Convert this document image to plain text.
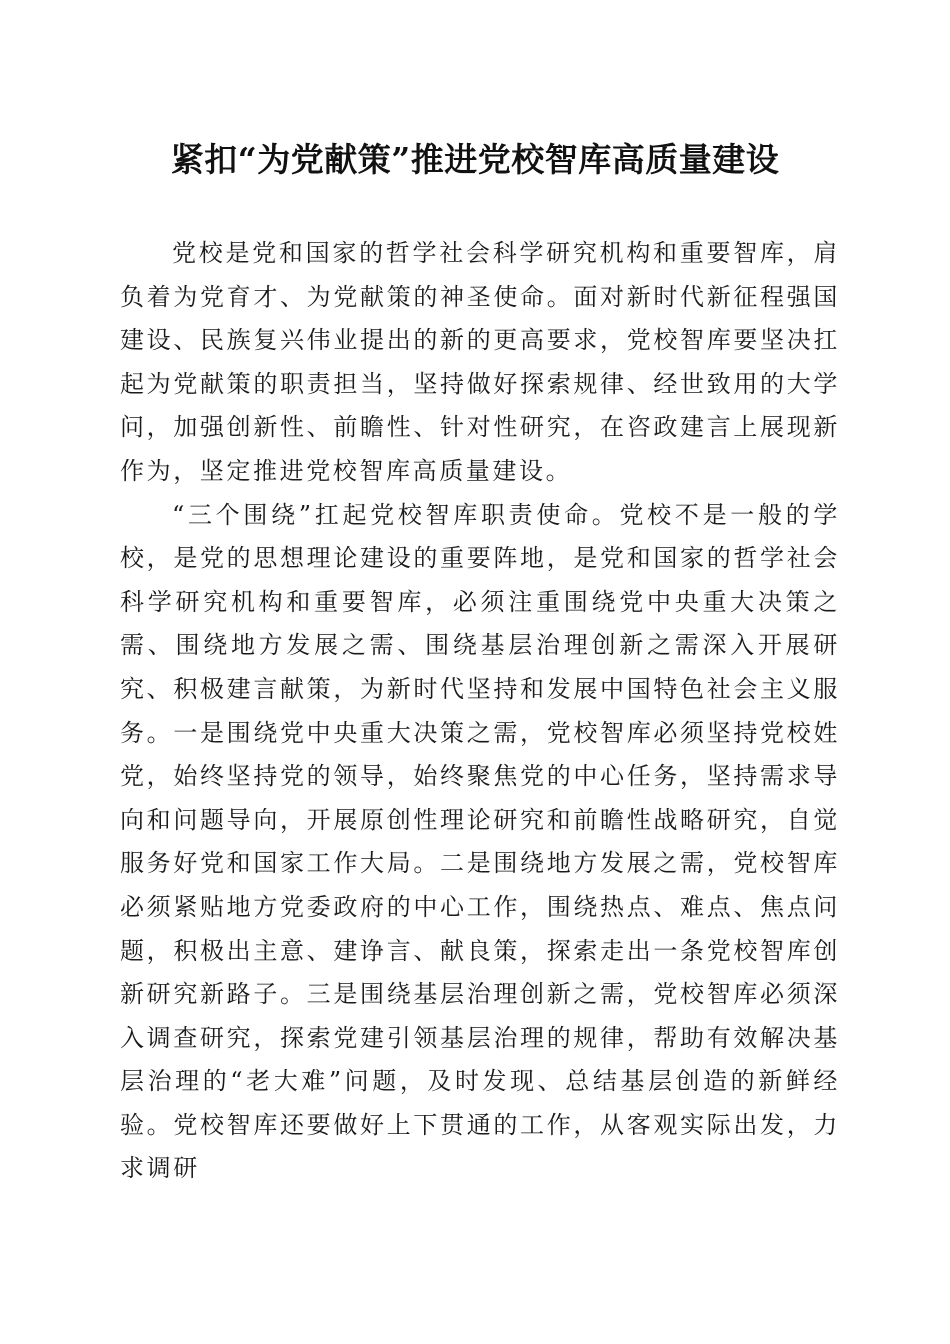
紧扣“为党献策”推进党校智库高质量建设

党校是党和国家的哲学社会科学研究机构和重要智库，肩负着为党育才、为党献策的神圣使命。面对新时代新征程强国建设、民族复兴伟业提出的新的更高要求，党校智库要坚决扛起为党献策的职责担当，坚持做好探索规律、经世致用的大学问，加强创新性、前瞻性、针对性研究，在咨政建言上展现新作为，坚定推进党校智库高质量建设。

“三个围绕”扛起党校智库职责使命。党校不是一般的学校，是党的思想理论建设的重要阵地，是党和国家的哲学社会科学研究机构和重要智库，必须注重围绕党中央重大决策之需、围绕地方发展之需、围绕基层治理创新之需深入开展研究、积极建言献策，为新时代坚持和发展中国特色社会主义服务。一是围绕党中央重大决策之需，党校智库必须坚持党校姓党，始终坚持党的领导，始终聚焦党的中心任务，坚持需求导向和问题导向，开展原创性理论研究和前瞻性战略研究，自觉服务好党和国家工作大局。二是围绕地方发展之需，党校智库必须紧贴地方党委政府的中心工作，围绕热点、难点、焦点问题，积极出主意、建诤言、献良策，探索走出一条党校智库创新研究新路子。三是围绕基层治理创新之需，党校智库必须深入调查研究，探索党建引领基层治理的规律，帮助有效解决基层治理的“老大难”问题，及时发现、总结基层创造的新鲜经验。党校智库还要做好上下贯通的工作，从客观实际出发，力求调研
